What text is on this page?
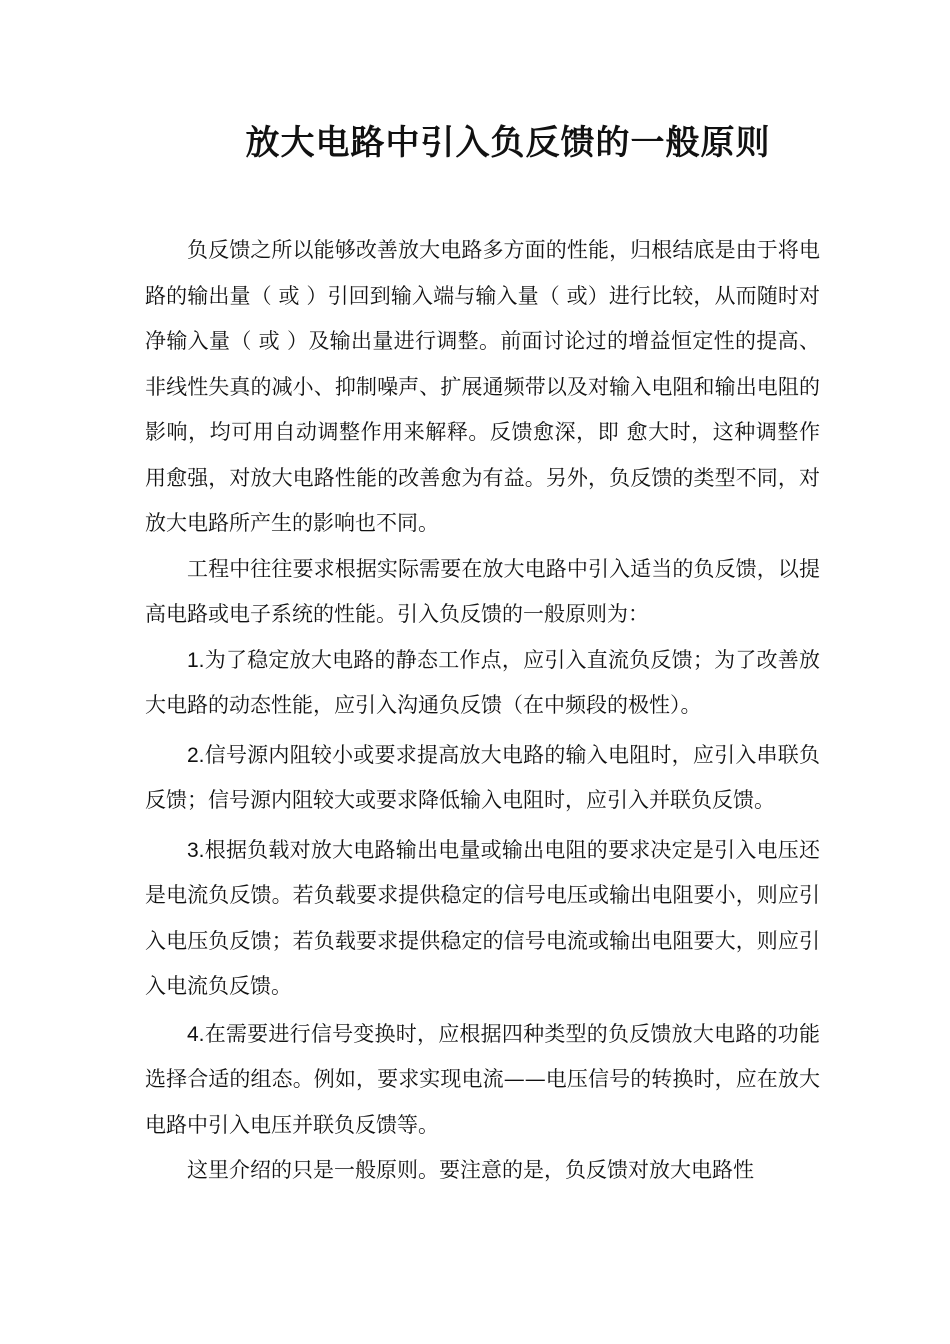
放大电路中引入负反馈的一般原则

负反馈之所以能够改善放大电路多方面的性能，归根结底是由于将电路的输出量（ 或 ）引回到输入端与输入量（ 或）进行比较，从而随时对净输入量（ 或 ）及输出量进行调整。前面讨论过的增益恒定性的提高、非线性失真的减小、抑制噪声、扩展通频带以及对输入电阻和输出电阻的影响，均可用自动调整作用来解释。反馈愈深，即 愈大时，这种调整作用愈强，对放大电路性能的改善愈为有益。另外，负反馈的类型不同，对放大电路所产生的影响也不同。

工程中往往要求根据实际需要在放大电路中引入适当的负反馈，以提高电路或电子系统的性能。引入负反馈的一般原则为：

1.为了稳定放大电路的静态工作点，应引入直流负反馈；为了改善放大电路的动态性能，应引入沟通负反馈（在中频段的极性）。

2.信号源内阻较小或要求提高放大电路的输入电阻时，应引入串联负反馈；信号源内阻较大或要求降低输入电阻时，应引入并联负反馈。

3.根据负载对放大电路输出电量或输出电阻的要求决定是引入电压还是电流负反馈。若负载要求提供稳定的信号电压或输出电阻要小，则应引入电压负反馈；若负载要求提供稳定的信号电流或输出电阻要大，则应引入电流负反馈。

4.在需要进行信号变换时，应根据四种类型的负反馈放大电路的功能选择合适的组态。例如，要求实现电流——电压信号的转换时，应在放大电路中引入电压并联负反馈等。

这里介绍的只是一般原则。要注意的是，负反馈对放大电路性
